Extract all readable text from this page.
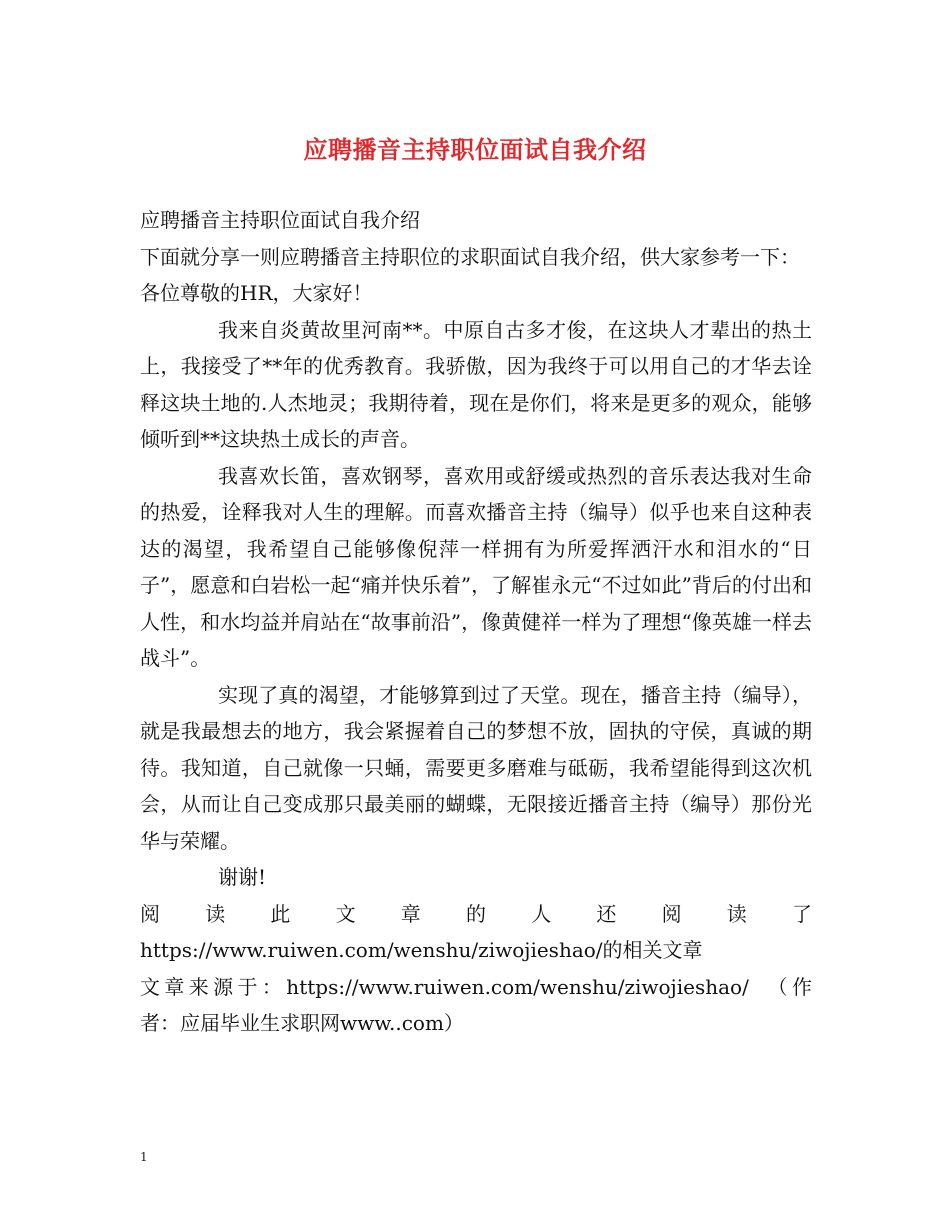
应聘播音主持职位面试自我介绍

应聘播音主持职位面试自我介绍

下面就分享一则应聘播音主持职位的求职面试自我介绍，供大家参考一下：

各位尊敬的HR，大家好！

我来自炎黄故里河南**。中原自古多才俊，在这块人才辈出的热土上，我接受了**年的优秀教育。我骄傲，因为我终于可以用自己的才华去诠释这块土地的.人杰地灵；我期待着，现在是你们，将来是更多的观众，能够倾听到**这块热土成长的声音。

我喜欢长笛，喜欢钢琴，喜欢用或舒缓或热烈的音乐表达我对生命的热爱，诠释我对人生的理解。而喜欢播音主持（编导）似乎也来自这种表达的渴望，我希望自己能够像倪萍一样拥有为所爱挥洒汗水和泪水的“日子”，愿意和白岩松一起“痛并快乐着”，了解崔永元“不过如此”背后的付出和人性，和水均益并肩站在“故事前沿”，像黄健祥一样为了理想“像英雄一样去战斗”。

实现了真的渴望，才能够算到过了天堂。现在，播音主持（编导），就是我最想去的地方，我会紧握着自己的梦想不放，固执的守侯，真诚的期待。我知道，自己就像一只蛹，需要更多磨难与砥砺，我希望能得到这次机会，从而让自己变成那只最美丽的蝴蝶，无限接近播音主持（编导）那份光华与荣耀。

谢谢!

阅读此文章的人还阅读了 https://www.ruiwen.com/wenshu/ziwojieshao/的相关文章

文章来源于：https://www.ruiwen.com/wenshu/ziwojieshao/　（作者：应届毕业生求职网www..com）

1
